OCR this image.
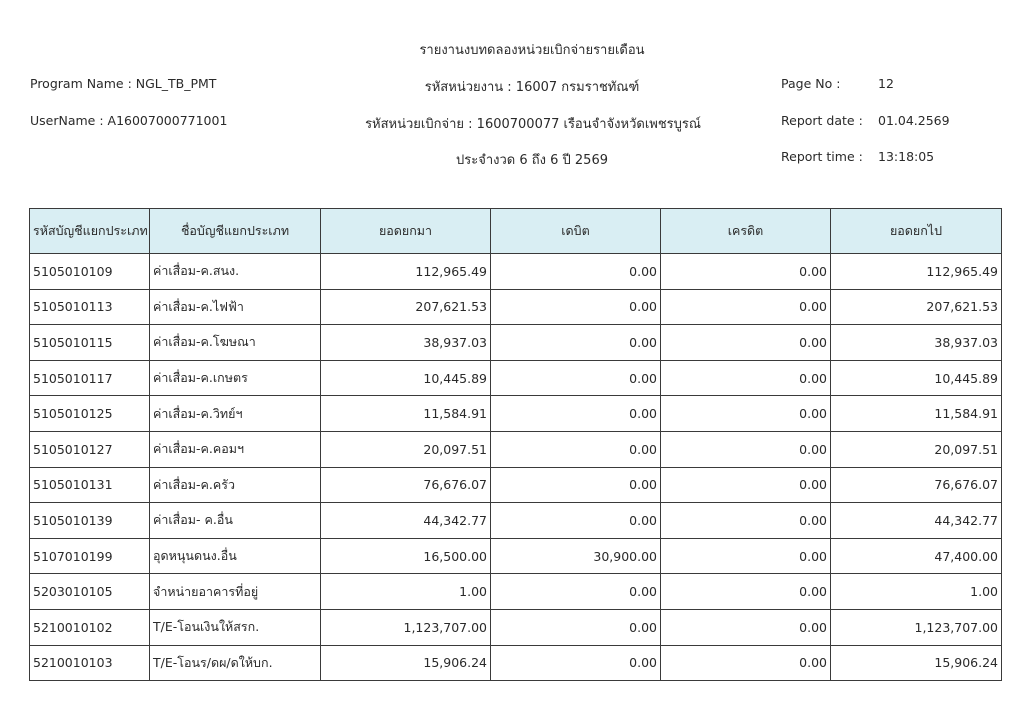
รายงานงบทดลองหน่วยเบิกจ่ายรายเดือน
Program Name : NGL_TB_PMT	รหัสหน่วยงาน : 16007 กรมราชทัณฑ์	Page No :	12
UserName : A16007000771001	รหัสหน่วยเบิกจ่าย : 1600700077 เรือนจำจังหวัดเพชรบูรณ์	Report date : 01.04.2569
ประจำงวด 6 ถึง 6 ปี 2569	Report time : 13:18:05
รหัสบัญชีแยกประเภท	ชื่อบัญชีแยกประเภท	ยอดยกมา	เดบิต	เครดิต	ยอดยกไป
5105010109	ค่าเสื่อม-ค.สนง.	112,965.49	0.00	0.00	112,965.49
5105010113	ค่าเสื่อม-ค.ไฟฟ้า	207,621.53	0.00	0.00	207,621.53
5105010115	ค่าเสื่อม-ค.โฆษณา	38,937.03	0.00	0.00	38,937.03
5105010117	ค่าเสื่อม-ค.เกษตร	10,445.89	0.00	0.00	10,445.89
5105010125	ค่าเสื่อม-ค.วิทย์ฯ	11,584.91	0.00	0.00	11,584.91
5105010127	ค่าเสื่อม-ค.คอมฯ	20,097.51	0.00	0.00	20,097.51
5105010131	ค่าเสื่อม-ค.ครัว	76,676.07	0.00	0.00	76,676.07
5105010139	ค่าเสื่อม- ค.อื่น	44,342.77	0.00	0.00	44,342.77
5107010199	อุดหนุนดนง.อื่น	16,500.00	30,900.00	0.00	47,400.00
5203010105	จำหน่ายอาคารที่อยู่	1.00	0.00	0.00	1.00
5210010102	T/E-โอนเงินให้สรก.	1,123,707.00	0.00	0.00	1,123,707.00
5210010103	T/E-โอนร/ดผ/ดให้บก.	15,906.24	0.00	0.00	15,906.24
